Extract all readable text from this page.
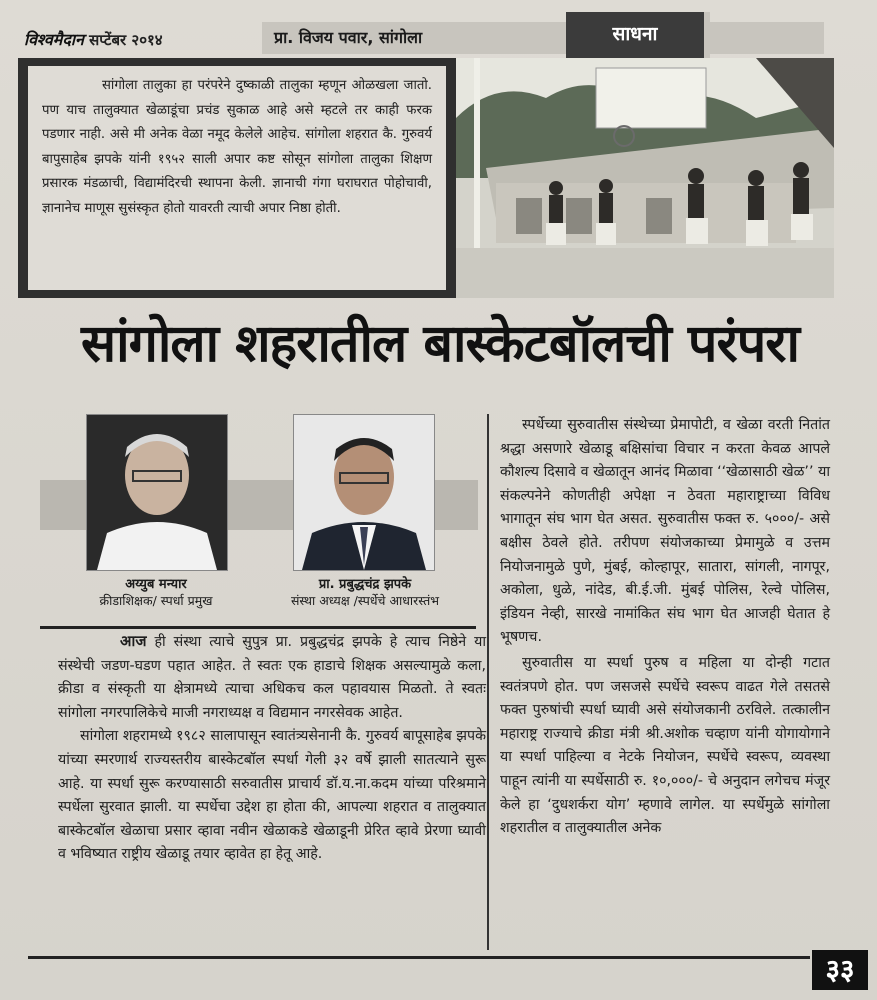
विश्वमैदान सप्टेंबर २०१४	प्रा. विजय पवार, सांगोला	साधना
सांगोला तालुका हा परंपरेने दुष्काळी तालुका म्हणून ओळखला जातो. पण याच तालुक्यात खेळाडूंचा प्रचंड सुकाळ आहे असे म्हटले तर काही फरक पडणार नाही. असे मी अनेक वेळा नमूद केलेले आहेच. सांगोला शहरात कै. गुरुवर्य बापुसाहेब झपके यांनी १९५२ साली अपार कष्ट सोसून सांगोला तालुका शिक्षण प्रसारक मंडळाची, विद्यामंदिरची स्थापना केली. ज्ञानाची गंगा घराघरात पोहोचावी, ज्ञानानेच माणूस सुसंस्कृत होतो यावरती त्याची अपार निष्ठा होती.
सांगोला शहरातील बास्केटबॉलची परंपरा
अय्युब मन्यार
क्रीडाशिक्षक/ स्पर्धा प्रमुख
प्रा. प्रबुद्धचंद्र झपके
संस्था अध्यक्ष /स्पर्धेचे आधारस्तंभ

आज ही संस्था त्याचे सुपुत्र प्रा. प्रबुद्धचंद्र झपके हे त्याच निष्ठेने या संस्थेची जडण-घडण पहात आहेत. ते स्वतः एक हाडाचे शिक्षक असल्यामुळे कला, क्रीडा व संस्कृती या क्षेत्रामध्ये त्याचा अधिकच कल पहावयास मिळतो. ते स्वतः सांगोला नगरपालिकेचे माजी नगराध्यक्ष व विद्यमान नगरसेवक आहेत.

सांगोला शहरामध्ये १९८२ सालापासून स्वातंत्र्यसेनानी कै. गुरुवर्य बापूसाहेब झपके यांच्या स्मरणार्थ राज्यस्तरीय बास्केटबॉल स्पर्धा गेली ३२ वर्षे झाली सातत्याने सुरू आहे. या स्पर्धा सुरू करण्यासाठी सरुवातीस प्राचार्य डॉ.य.ना.कदम यांच्या परिश्रमाने स्पर्धेला सुरवात झाली. या स्पर्धेचा उद्देश हा होता की, आपल्या शहरात व तालुक्यात बास्केटबॉल खेळाचा प्रसार व्हावा नवीन खेळाकडे खेळाडूनी प्रेरित व्हावे प्रेरणा घ्यावी व भविष्यात राष्ट्रीय खेळाडू तयार व्हावेत हा हेतू आहे.

स्पर्धेच्या सुरुवातीस संस्थेच्या प्रेमापोटी, व खेळा वरती नितांत श्रद्धा असणारे खेळाडू बक्षिसांचा विचार न करता केवळ आपले कौशल्य दिसावे व खेळातून आनंद मिळावा ‘‘खेळासाठी खेळ’’ या संकल्पनेने कोणतीही अपेक्षा न ठेवता महाराष्ट्राच्या विविध भागातून संघ भाग घेत असत. सुरुवातीस फक्त रु. ५०००/- असे बक्षीस ठेवले होते. तरीपण संयोजकाच्या प्रेमामुळे व उत्तम नियोजनामुळे पुणे, मुंबई, कोल्हापूर, सातारा, सांगली, नागपूर, अकोला, धुळे, नांदेड, बी.ई.जी. मुंबई पोलिस, रेल्वे पोलिस, इंडियन नेव्ही, सारखे नामांकित संघ भाग घेत आजही घेतात हे भूषणच.

सुरुवातीस या स्पर्धा पुरुष व महिला या दोन्ही गटात स्वतंत्रपणे होत. पण जसजसे स्पर्धेचे स्वरूप वाढत गेले तसतसे फक्त पुरुषांची स्पर्धा घ्यावी असे संयोजकानी ठरविले. तत्कालीन महाराष्ट्र राज्याचे क्रीडा मंत्री श्री.अशोक चव्हाण यांनी योगायोगाने या स्पर्धा पाहिल्या व नेटके नियोजन, स्पर्धेचे स्वरूप, व्यवस्था पाहून त्यांनी या स्पर्धेसाठी रु. १०,०००/- चे अनुदान लगेचच मंजूर केले हा ‘दुधशर्करा योग’ म्हणावे लागेल. या स्पर्धेमुळे सांगोला शहरातील व तालुक्यातील अनेक

३३
